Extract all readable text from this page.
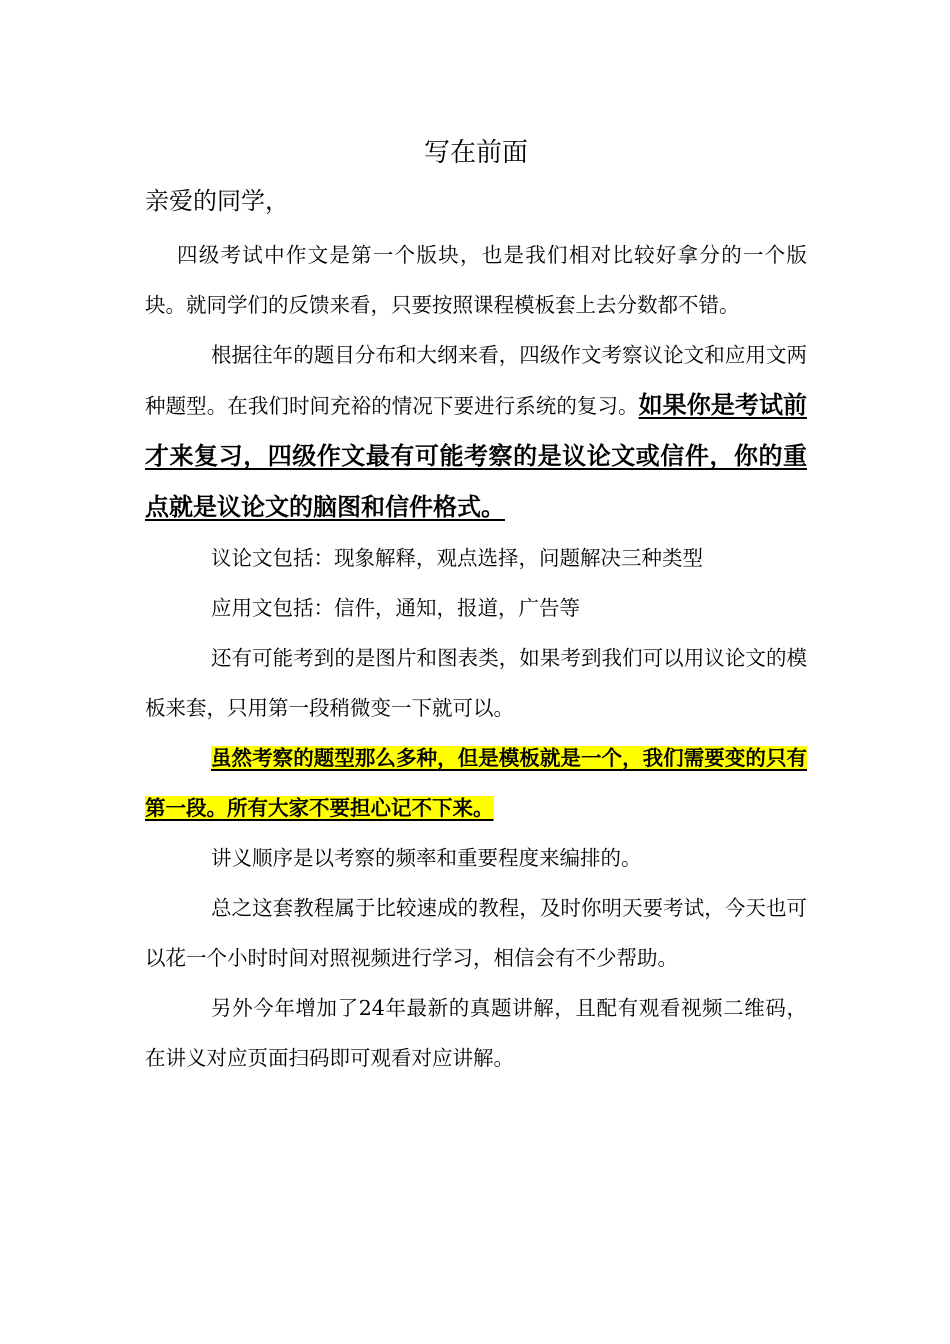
写在前面
亲爱的同学，

四级考试中作文是第一个版块，也是我们相对比较好拿分的一个版块。就同学们的反馈来看，只要按照课程模板套上去分数都不错。

根据往年的题目分布和大纲来看，四级作文考察议论文和应用文两种题型。在我们时间充裕的情况下要进行系统的复习。如果你是考试前才来复习，四级作文最有可能考察的是议论文或信件，你的重点就是议论文的脑图和信件格式。

议论文包括：现象解释，观点选择，问题解决三种类型

应用文包括：信件，通知，报道，广告等

还有可能考到的是图片和图表类，如果考到我们可以用议论文的模板来套，只用第一段稍微变一下就可以。

虽然考察的题型那么多种，但是模板就是一个，我们需要变的只有第一段。所有大家不要担心记不下来。

讲义顺序是以考察的频率和重要程度来编排的。

总之这套教程属于比较速成的教程，及时你明天要考试，今天也可以花一个小时时间对照视频进行学习，相信会有不少帮助。

另外今年增加了24年最新的真题讲解，且配有观看视频二维码，在讲义对应页面扫码即可观看对应讲解。
